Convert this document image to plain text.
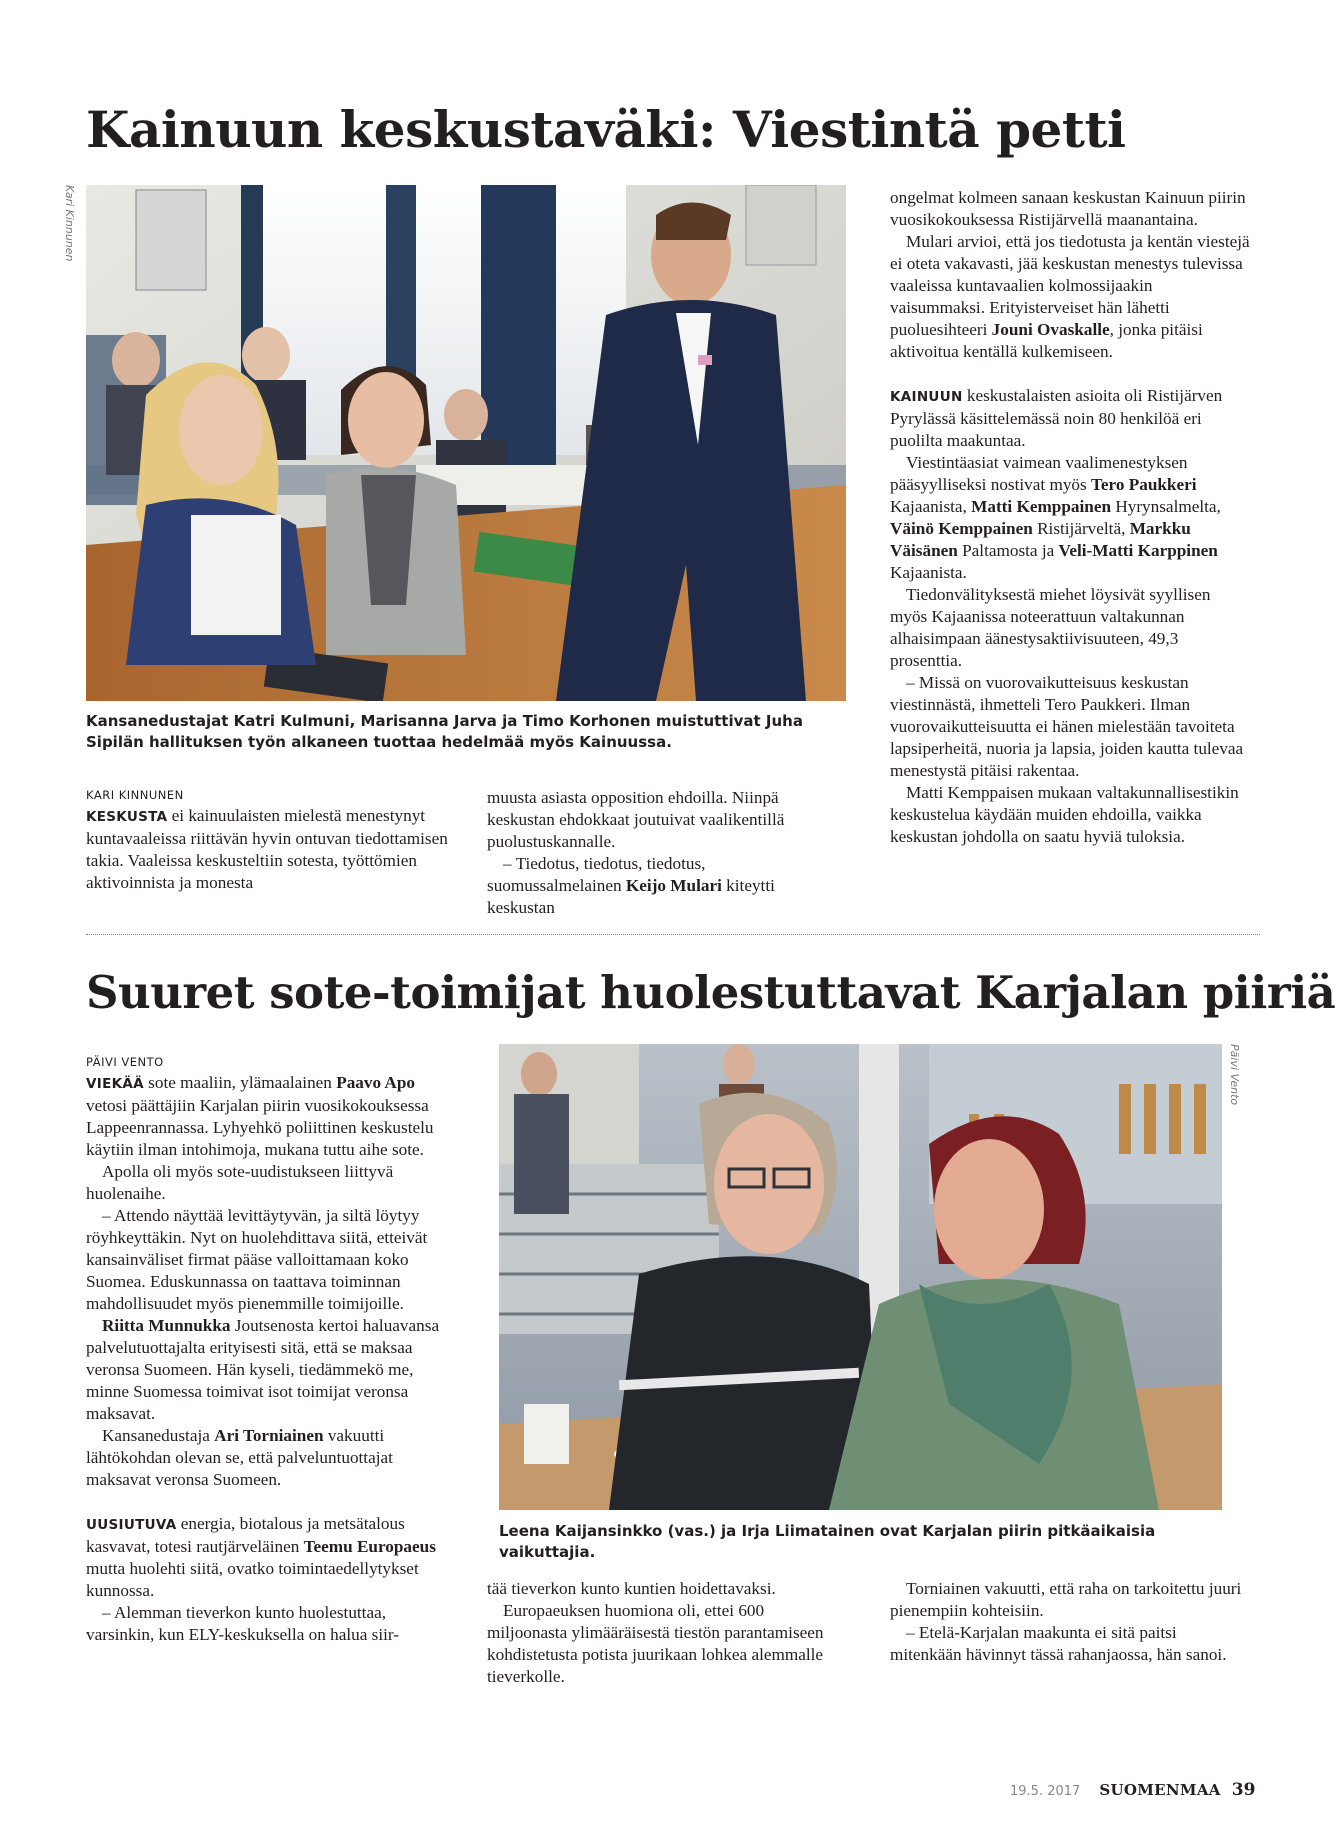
Kainuun keskustaväki: Viestintä petti
Kari Kinnunen
Kansanedustajat Katri Kulmuni, Marisanna Jarva ja Timo Korhonen muistuttivat Juha Sipilän hallituksen työn alkaneen tuottaa hedelmää myös Kainuussa.
KARI KINNUNEN

KESKUSTA ei kainuulaisten mielestä menestynyt kuntavaaleissa riittävän hyvin ontuvan tiedottamisen takia. Vaaleissa keskusteltiin sotesta, työttömien aktivoinnista ja monesta

muusta asiasta opposition ehdoilla. Niinpä keskustan ehdokkaat joutuivat vaalikentillä puolustuskannalle.

– Tiedotus, tiedotus, tiedotus, suomussalmelainen Keijo Mulari kiteytti keskustan

ongelmat kolmeen sanaan keskustan Kainuun piirin vuosikokouksessa Ristijärvellä maanantaina.

Mulari arvioi, että jos tiedotusta ja kentän viestejä ei oteta vakavasti, jää keskustan menestys tulevissa vaaleissa kuntavaalien kolmossijaakin vaisummaksi. Erityisterveiset hän lähetti puoluesihteeri Jouni Ovaskalle, jonka pitäisi aktivoitua kentällä kulkemiseen.

KAINUUN keskustalaisten asioita oli Ristijärven Pyrylässä käsittelemässä noin 80 henkilöä eri puolilta maakuntaa.

Viestintäasiat vaimean vaalimenestyksen pääsyylliseksi nostivat myös Tero Paukkeri Kajaanista, Matti Kemppainen Hyrynsalmelta, Väinö Kemppainen Ristijärveltä, Markku Väisänen Paltamosta ja Veli-Matti Karppinen Kajaanista.

Tiedonvälityksestä miehet löysivät syyllisen myös Kajaanissa noteerattuun valtakunnan alhaisimpaan äänestysaktiivisuuteen, 49,3 prosenttia.

– Missä on vuorovaikutteisuus keskustan viestinnästä, ihmetteli Tero Paukkeri. Ilman vuorovaikutteisuutta ei hänen mielestään tavoiteta lapsiperheitä, nuoria ja lapsia, joiden kautta tulevaa menestystä pitäisi rakentaa.

Matti Kemppaisen mukaan valtakunnallisestikin keskustelua käydään muiden ehdoilla, vaikka keskustan johdolla on saatu hyviä tuloksia.

Suuret sote-toimijat huolestuttavat Karjalan piiriä
PÄIVI VENTO

VIEKÄÄ sote maaliin, ylämaalainen Paavo Apo vetosi päättäjiin Karjalan piirin vuosikokouksessa Lappeenrannassa. Lyhyehkö poliittinen keskustelu käytiin ilman intohimoja, mukana tuttu aihe sote.

Apolla oli myös sote-uudistukseen liittyvä huolenaihe.

– Attendo näyttää levittäytyvän, ja siltä löytyy röyhkeyttäkin. Nyt on huolehdittava siitä, etteivät kansainväliset firmat pääse valloittamaan koko Suomea. Eduskunnassa on taattava toiminnan mahdollisuudet myös pienemmille toimijoille.

Riitta Munnukka Joutsenosta kertoi haluavansa palvelutuottajalta erityisesti sitä, että se maksaa veronsa Suomeen. Hän kyseli, tiedämmekö me, minne Suomessa toimivat isot toimijat veronsa maksavat.

Kansanedustaja Ari Torniainen vakuutti lähtökohdan olevan se, että palveluntuottajat maksavat veronsa Suomeen.

UUSIUTUVA energia, biotalous ja metsätalous kasvavat, totesi rautjärveläinen Teemu Europaeus mutta huolehti siitä, ovatko toimintaedellytykset kunnossa.

– Alemman tieverkon kunto huolestuttaa, varsinkin, kun ELY-keskuksella on halua siir-

Päivi Vento
Leena Kaijansinkko (vas.) ja Irja Liimatainen ovat Karjalan piirin pitkäaikaisia vaikuttajia.

tää tieverkon kunto kuntien hoidettavaksi.

Europaeuksen huomiona oli, ettei 600 miljoonasta ylimääräisestä tiestön parantamiseen kohdistetusta potista juurikaan lohkea alemmalle tieverkolle.

Torniainen vakuutti, että raha on tarkoitettu juuri pienempiin kohteisiin.

– Etelä-Karjalan maakunta ei sitä paitsi mitenkään hävinnyt tässä rahanjaossa, hän sanoi.

19.5. 2017 SUOMENMAA 39
